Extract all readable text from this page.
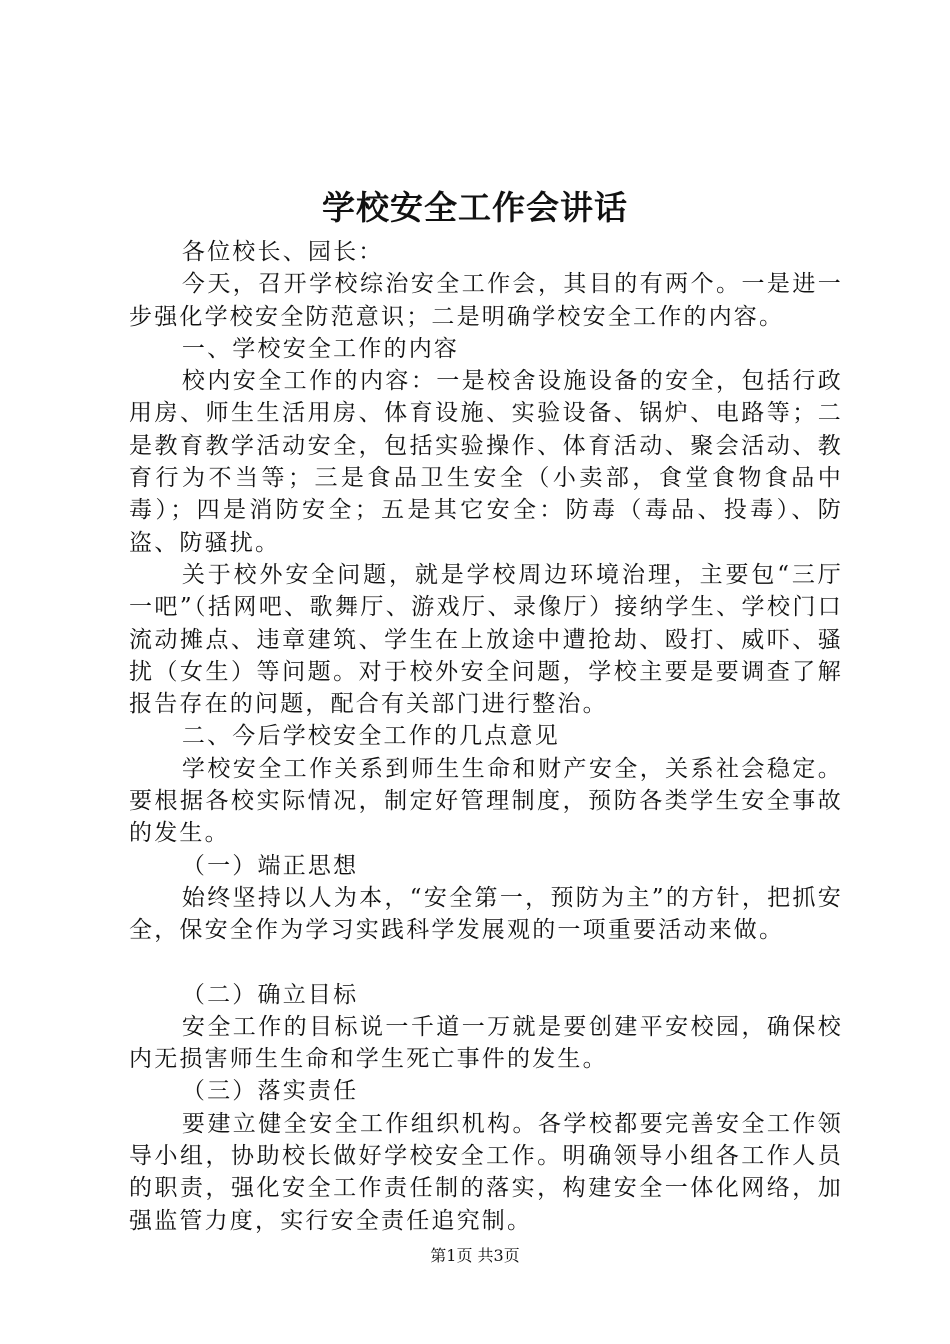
学校安全工作会讲话

各位校长、园长：

今天，召开学校综治安全工作会，其目的有两个。一是进一步强化学校安全防范意识；二是明确学校安全工作的内容。

一、学校安全工作的内容

校内安全工作的内容：一是校舍设施设备的安全，包括行政用房、师生生活用房、体育设施、实验设备、锅炉、电路等；二是教育教学活动安全，包括实验操作、体育活动、聚会活动、教育行为不当等；三是食品卫生安全（小卖部，食堂食物食品中毒）；四是消防安全；五是其它安全：防毒（毒品、投毒）、防盗、防骚扰。

关于校外安全问题，就是学校周边环境治理，主要包“三厅一吧”（括网吧、歌舞厅、游戏厅、录像厅）接纳学生、学校门口流动摊点、违章建筑、学生在上放途中遭抢劫、殴打、威吓、骚扰（女生）等问题。对于校外安全问题，学校主要是要调查了解报告存在的问题，配合有关部门进行整治。

二、今后学校安全工作的几点意见

学校安全工作关系到师生生命和财产安全，关系社会稳定。要根据各校实际情况，制定好管理制度，预防各类学生安全事故的发生。

（一）端正思想

始终坚持以人为本，“安全第一，预防为主”的方针，把抓安全，保安全作为学习实践科学发展观的一项重要活动来做。

（二）确立目标

安全工作的目标说一千道一万就是要创建平安校园，确保校内无损害师生生命和学生死亡事件的发生。

（三）落实责任

要建立健全安全工作组织机构。各学校都要完善安全工作领导小组，协助校长做好学校安全工作。明确领导小组各工作人员的职责，强化安全工作责任制的落实，构建安全一体化网络，加强监管力度，实行安全责任追究制。

第1页 共3页
